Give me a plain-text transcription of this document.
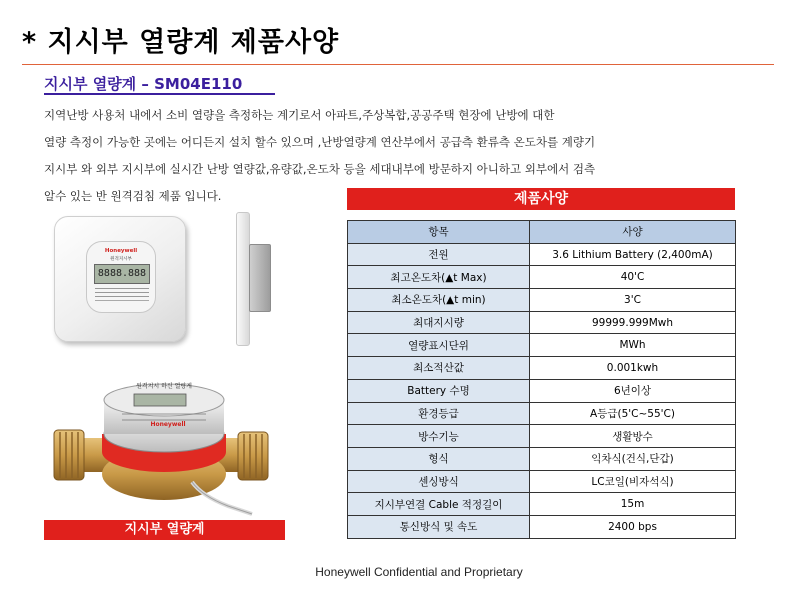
* 지시부 열량계 제품사양
지시부 열량계 – SM04E110
지역난방 사용처 내에서 소비 열량을 측정하는 계기로서 아파트,주상복합,공공주택 현장에 난방에 대한
열량 측정이 가능한 곳에는 어디든지 설치 할수 있으며 ,난방열량계 연산부에서 공급측 환류측 온도차를 계량기
지시부 와 외부 지시부에 실시간 난방 열량값,유량값,온도차 등을 세대내부에 방문하지 아니하고 외부에서 검측
알수 있는 반 원격검침 제품 입니다.
Honeywell
원격지시부
8888.888
원격지시 하신 열량계
Honeywell
지시부 열량계
제품사양
항목	사양
전원	3.6 Lithium Battery (2,400mA)
최고온도차(▲t Max)	40'C
최소온도차(▲t min)	3'C
최대지시량	99999.999Mwh
열량표시단위	MWh
최소적산값	0.001kwh
Battery 수명	6년이상
환경등급	A등급(5'C~55'C)
방수기능	생활방수
형식	익차식(건식,단갑)
센싱방식	LC코일(비자석식)
지시부연결 Cable 적정길이	15m
통신방식 및 속도	2400 bps
Honeywell Confidential and Proprietary
